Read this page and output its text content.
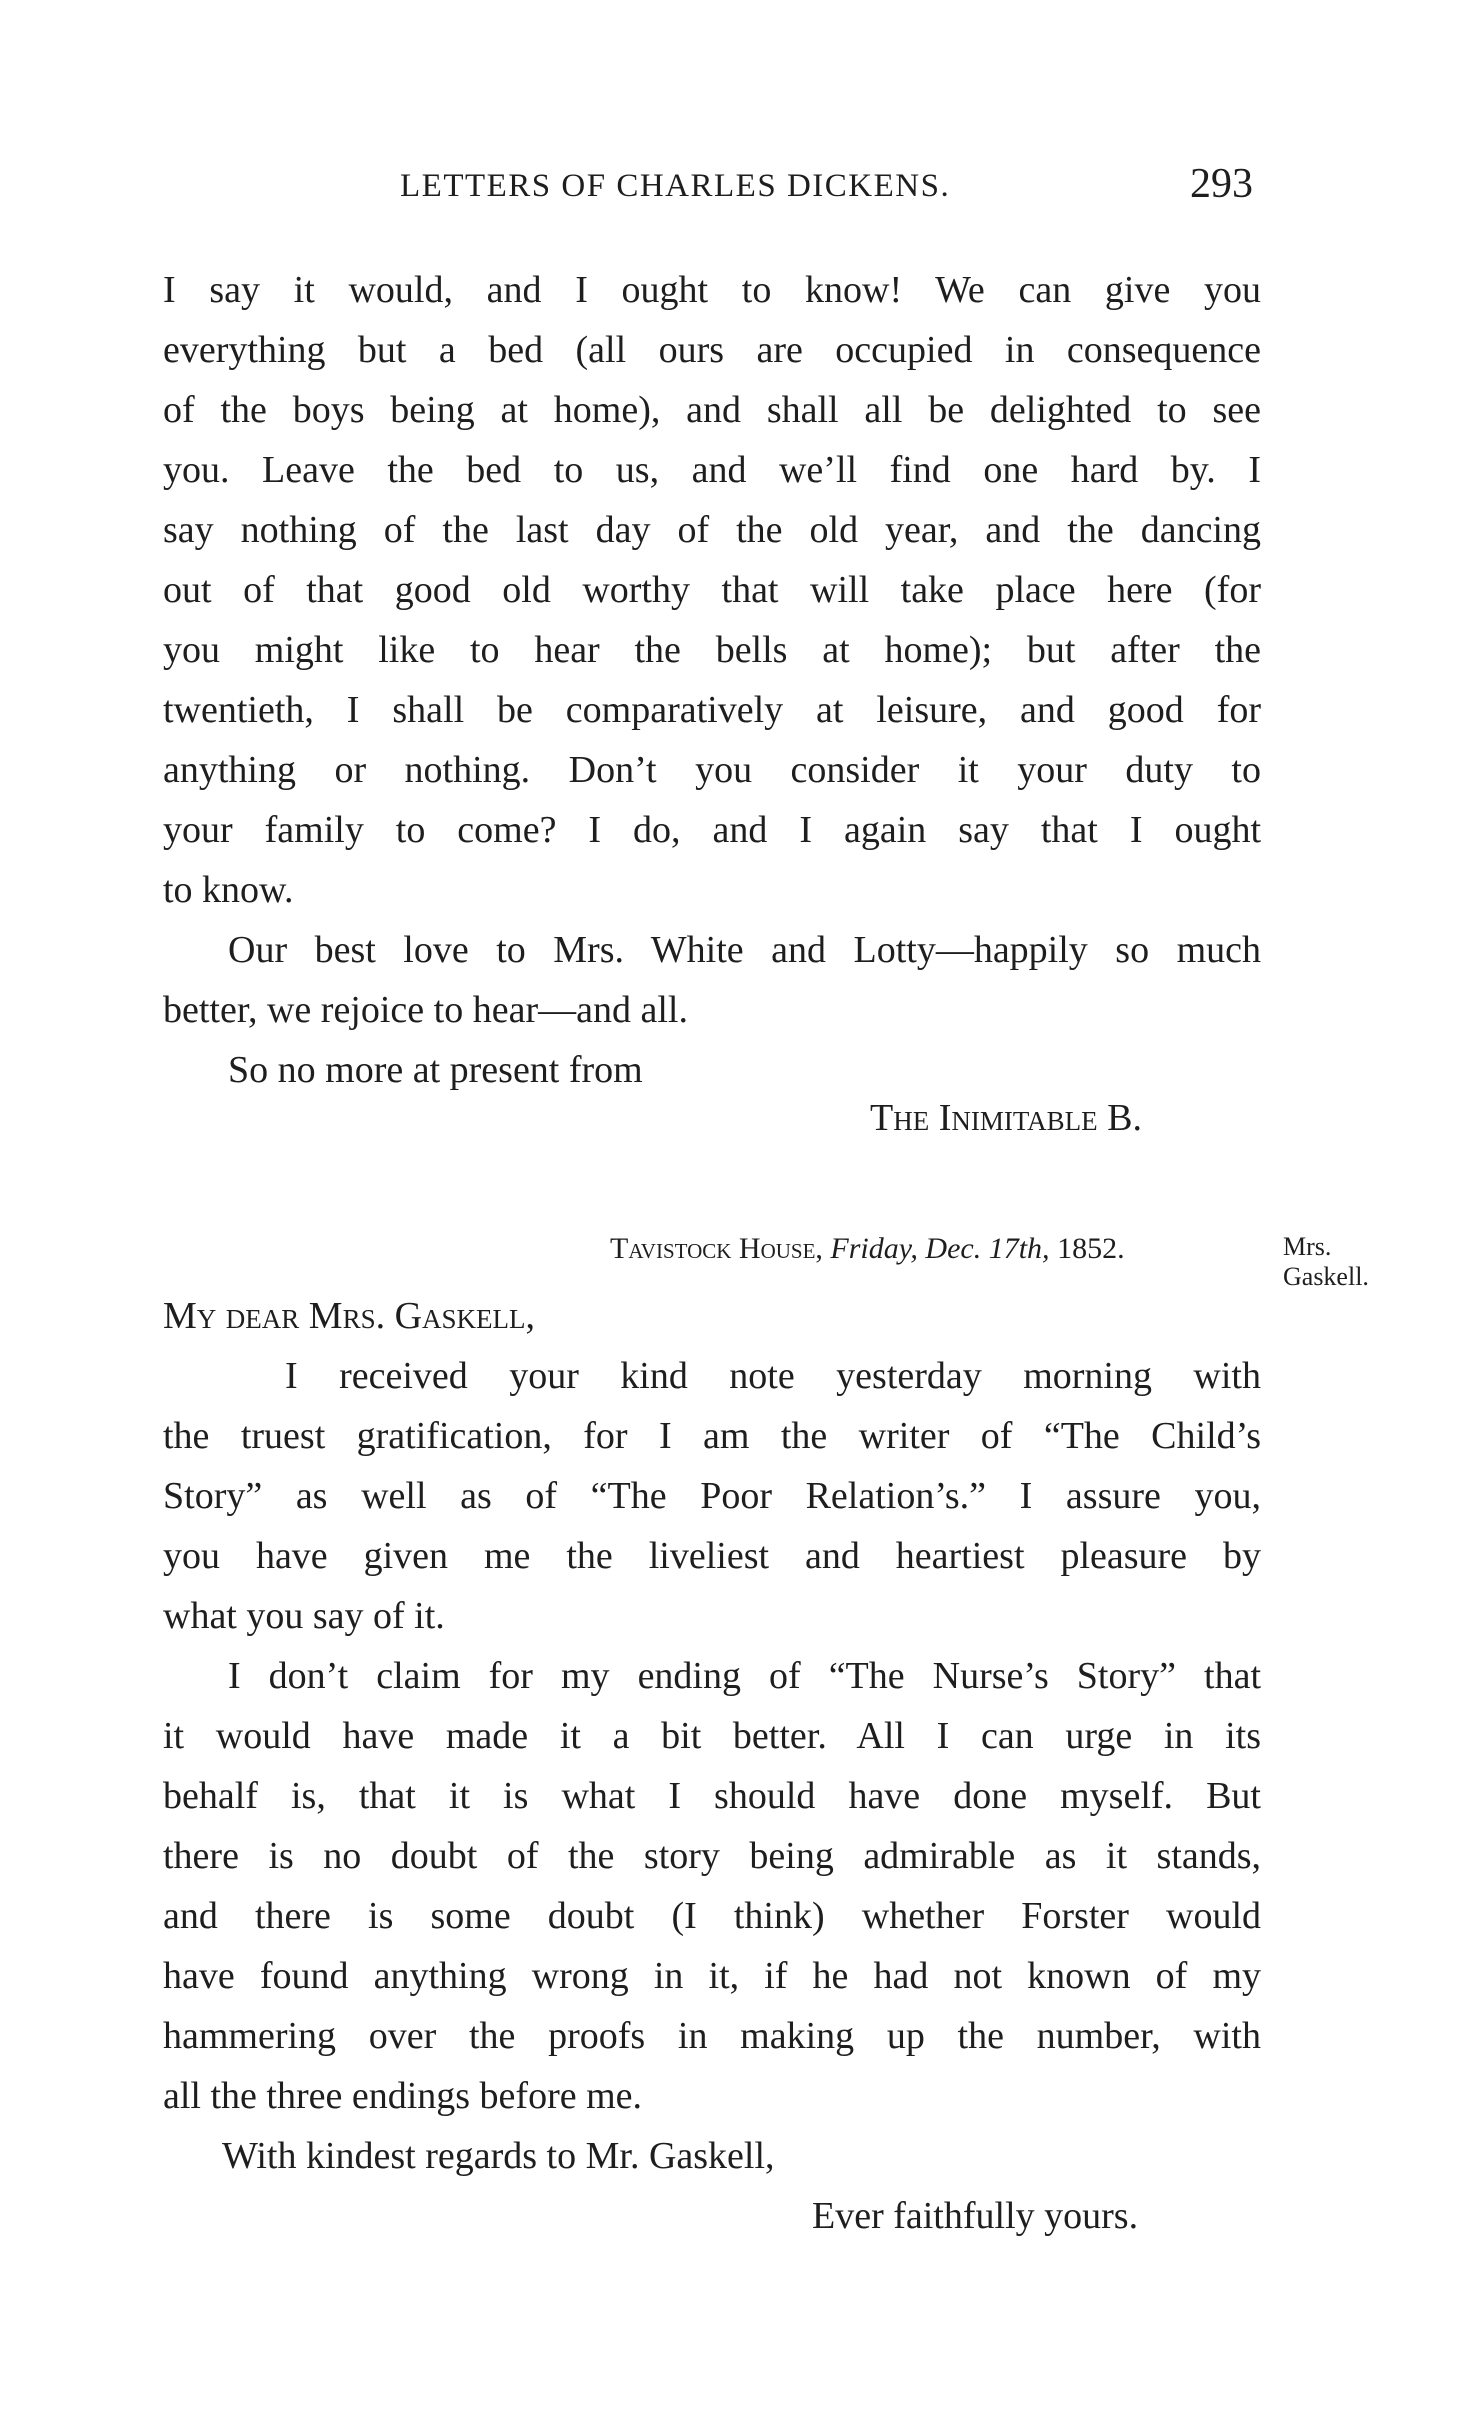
LETTERS OF CHARLES DICKENS.	293
I say it would, and I ought to know! We can give you
everything but a bed (all ours are occupied in consequence
of the boys being at home), and shall all be delighted to see
you. Leave the bed to us, and we’ll find one hard by. I
say nothing of the last day of the old year, and the dancing
out of that good old worthy that will take place here (for
you might like to hear the bells at home); but after the
twentieth, I shall be comparatively at leisure, and good for
anything or nothing. Don’t you consider it your duty to
your family to come? I do, and I again say that I ought
to know.
Our best love to Mrs. White and Lotty—happily so much
better, we rejoice to hear—and all.
So no more at present from
The Inimitable B.
Tavistock House, Friday, Dec. 17th, 1852.	Mrs.
Gaskell.
My dear Mrs. Gaskell,
I received your kind note yesterday morning with
the truest gratification, for I am the writer of “The Child’s
Story” as well as of “The Poor Relation’s.” I assure you,
you have given me the liveliest and heartiest pleasure by
what you say of it.
I don’t claim for my ending of “The Nurse’s Story” that
it would have made it a bit better. All I can urge in its
behalf is, that it is what I should have done myself. But
there is no doubt of the story being admirable as it stands,
and there is some doubt (I think) whether Forster would
have found anything wrong in it, if he had not known of my
hammering over the proofs in making up the number, with
all the three endings before me.
With kindest regards to Mr. Gaskell,
Ever faithfully yours.
